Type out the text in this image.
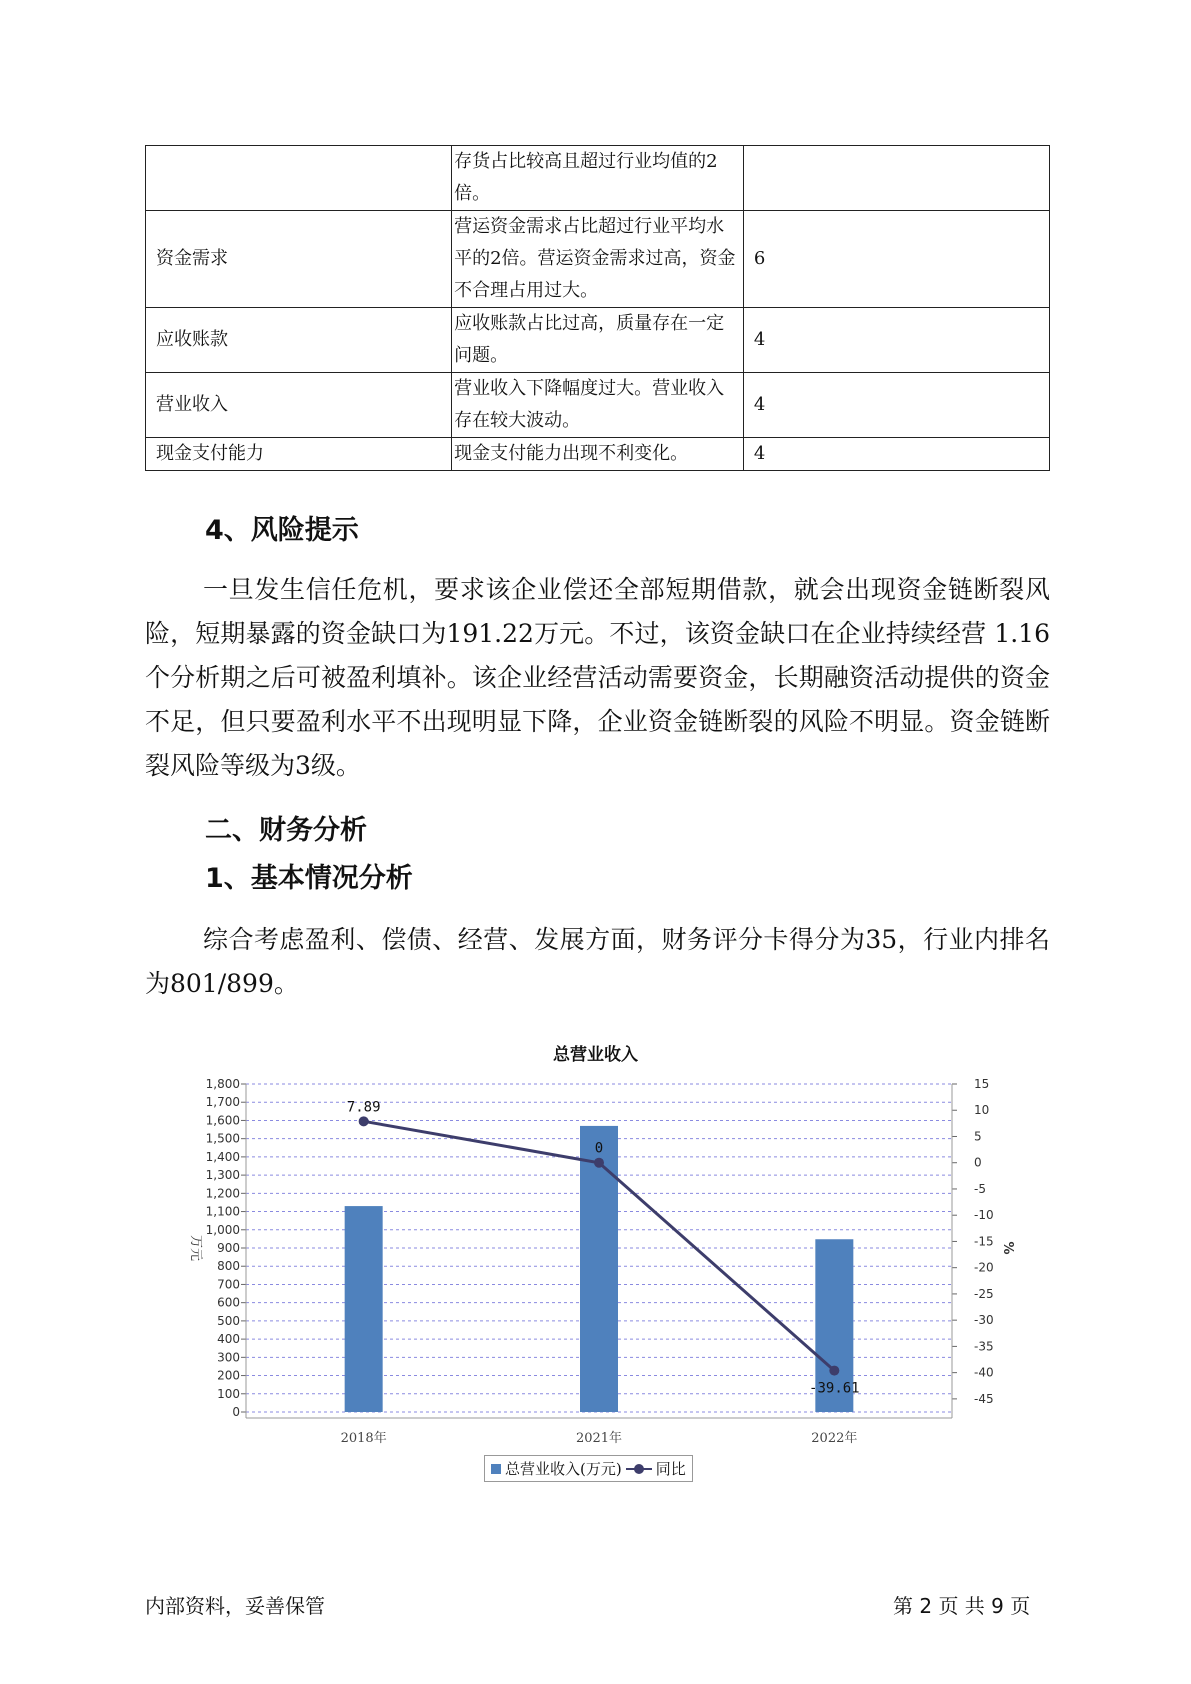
	存货占比较高且超过行业均值的2倍。	
资金需求	营运资金需求占比超过行业平均水平的2倍。营运资金需求过高，资金不合理占用过大。	6
应收账款	应收账款占比过高，质量存在一定问题。	4
营业收入	营业收入下降幅度过大。营业收入存在较大波动。	4
现金支付能力	现金支付能力出现不利变化。	4
4、风险提示
一旦发生信任危机，要求该企业偿还全部短期借款，就会出现资金链断裂风险，短期暴露的资金缺口为191.22万元。不过，该资金缺口在企业持续经营 1.16个分析期之后可被盈利填补。该企业经营活动需要资金，长期融资活动提供的资金不足，但只要盈利水平不出现明显下降，企业资金链断裂的风险不明显。资金链断裂风险等级为3级。
二、财务分析
1、基本情况分析
综合考虑盈利、偿债、经营、发展方面，财务评分卡得分为35，行业内排名为801/899。
总营业收入
0
100
200
300
400
500
600
700
800
900
1,000
1,100
1,200
1,300
1,400
1,500
1,600
1,700
1,800	15
10
5
0
-5
-10
-15
-20
-25
-30
-35
-40
-45
万元	%
2018年	2021年	2022年
7.89
0
-39.61
总营业收入(万元) 同比
内部资料，妥善保管	第 2 页 共 9 页
